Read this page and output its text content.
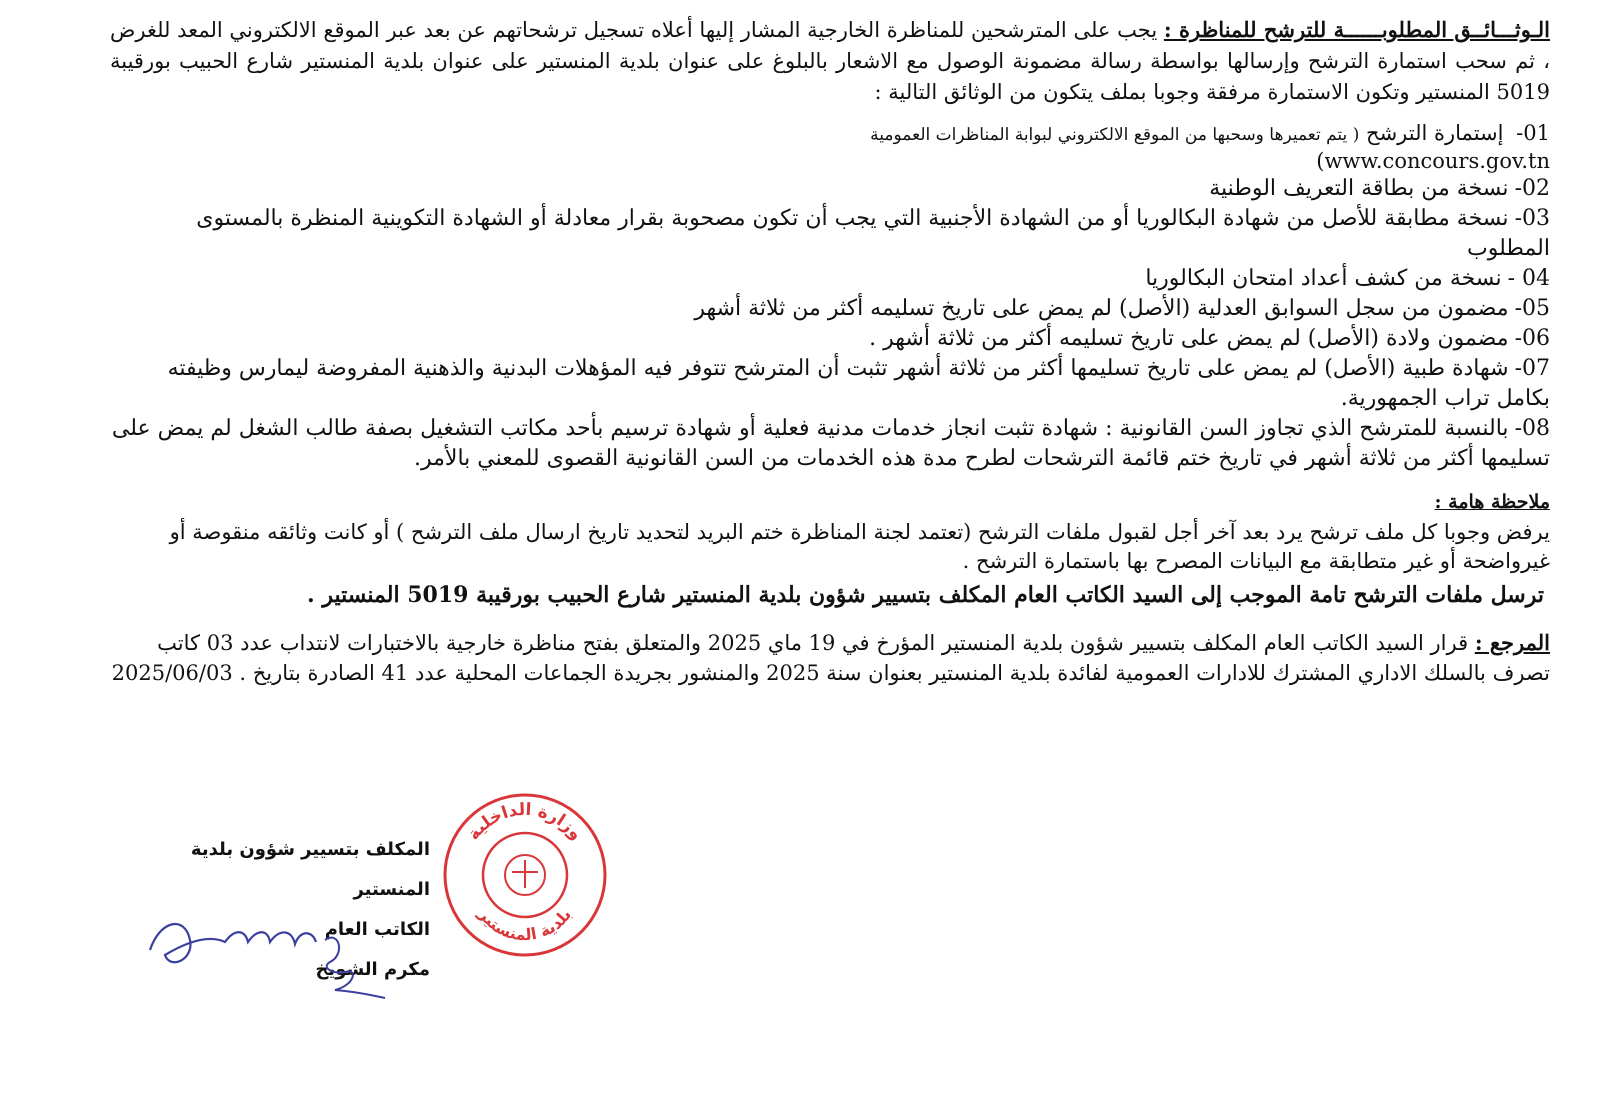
الـوثـــائــق المطلوبــــــة للترشح للمناظرة : يجب على المترشحين للمناظرة الخارجية المشار إليها أعلاه تسجيل ترشحاتهم عن بعد عبر الموقع الالكتروني المعد للغرض ، ثم سحب استمارة الترشح وإرسالها بواسطة رسالة مضمونة الوصول مع الاشعار بالبلوغ على عنوان بلدية المنستير على عنوان بلدية المنستير شارع الحبيب بورقيبة 5019 المنستير وتكون الاستمارة مرفقة وجوبا بملف يتكون من الوثائق التالية :

01- إستمارة الترشح ( يتم تعميرها وسحبها من الموقع الالكتروني لبوابة المناظرات العمومية
(www.concours.gov.tn

02-نسخة من بطاقة التعريف الوطنية

03-نسخة مطابقة للأصل من شهادة البكالوريا أو من الشهادة الأجنبية التي يجب أن تكون مصحوبة بقرار معادلة أو الشهادة التكوينية المنظرة بالمستوى المطلوب

04 -نسخة من كشف أعداد امتحان البكالوريا

05-مضمون من سجل السوابق العدلية (الأصل) لم يمض على تاريخ تسليمه أكثر من ثلاثة أشهر

06-مضمون ولادة (الأصل) لم يمض على تاريخ تسليمه أكثر من ثلاثة أشهر .

07-شهادة طبية (الأصل) لم يمض على تاريخ تسليمها أكثر من ثلاثة أشهر تثبت أن المترشح تتوفر فيه المؤهلات البدنية والذهنية المفروضة ليمارس وظيفته بكامل تراب الجمهورية.

08-بالنسبة للمترشح الذي تجاوز السن القانونية : شهادة تثبت انجاز خدمات مدنية فعلية أو شهادة ترسيم بأحد مكاتب التشغيل بصفة طالب الشغل لم يمض على تسليمها أكثر من ثلاثة أشهر في تاريخ ختم قائمة الترشحات لطرح مدة هذه الخدمات من السن القانونية القصوى للمعني بالأمر.

ملاحظة هامة :

يرفض وجوبا كل ملف ترشح يرد بعد آخر أجل لقبول ملفات الترشح (تعتمد لجنة المناظرة ختم البريد لتحديد تاريخ ارسال ملف الترشح ) أو كانت وثائقه منقوصة أو غيرواضحة أو غير متطابقة مع البيانات المصرح بها باستمارة الترشح .

ترسل ملفات الترشح تامة الموجب إلى السيد الكاتب العام المكلف بتسيير شؤون بلدية المنستير شارع الحبيب بورقيبة 5019 المنستير .

المرجع : قرار السيد الكاتب العام المكلف بتسيير شؤون بلدية المنستير المؤرخ في 19 ماي 2025 والمتعلق بفتح مناظرة خارجية بالاختبارات لانتداب عدد 03 كاتب تصرف بالسلك الاداري المشترك للادارات العمومية لفائدة بلدية المنستير بعنوان سنة 2025 والمنشور بجريدة الجماعات المحلية عدد 41 الصادرة بتاريخ 2025/06/03 .

المكلف بتسيير شؤون بلدية المنستير
الكاتب العام
مكرم الشويخ
وزارة الداخلية
بلدية المنستير
